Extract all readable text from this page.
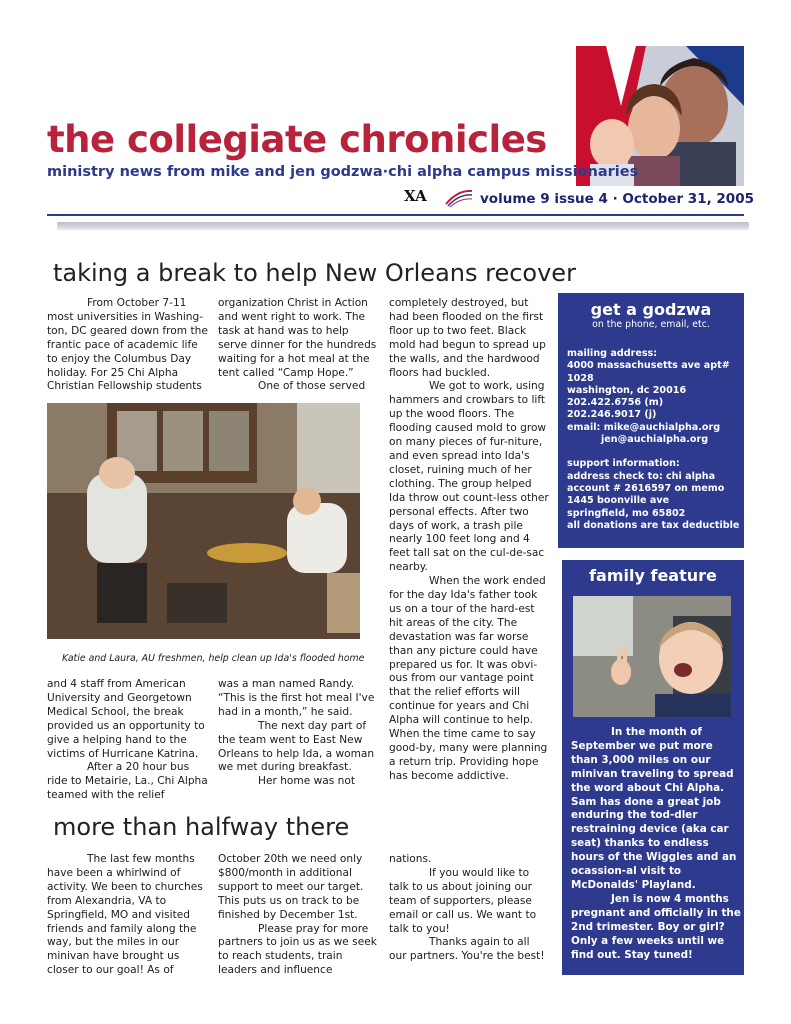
the collegiate chronicles
ministry news from mike and jen godzwa·chi alpha campus missionaries
XA	volume 9 issue 4 · October 31, 2005
taking a break to help New Orleans recover

From October 7-11 most universities in Washing-ton, DC geared down from the frantic pace of academic life to enjoy the Columbus Day holiday. For 25 Chi Alpha Christian Fellowship students

organization Christ in Action and went right to work. The task at hand was to help serve dinner for the hundreds waiting for a hot meal at the tent called “Camp Hope.”

One of those served

Katie and Laura, AU freshmen, help clean up Ida's flooded home

and 4 staff from American University and Georgetown Medical School, the break provided us an opportunity to give a helping hand to the victims of Hurricane Katrina.

After a 20 hour bus ride to Metairie, La., Chi Alpha teamed with the relief

was a man named Randy. “This is the first hot meal I've had in a month,” he said.

The next day part of the team went to East New Orleans to help Ida, a woman we met during breakfast.

Her home was not

completely destroyed, but had been flooded on the first floor up to two feet. Black mold had begun to spread up the walls, and the hardwood floors had buckled.

We got to work, using hammers and crowbars to lift up the wood floors. The flooding caused mold to grow on many pieces of fur-niture, and even spread into Ida's closet, ruining much of her clothing. The group helped Ida throw out count-less other personal effects. After two days of work, a trash pile nearly 100 feet long and 4 feet tall sat on the cul-de-sac nearby.

When the work ended for the day Ida's father took us on a tour of the hard-est hit areas of the city. The devastation was far worse than any picture could have prepared us for. It was obvi-ous from our vantage point that the relief efforts will continue for years and Chi Alpha will continue to help. When the time came to say good-by, many were planning a return trip. Providing hope has become addictive.

more than halfway there

The last few months have been a whirlwind of activity. We been to churches from Alexandria, VA to Springfield, MO and visited friends and family along the way, but the miles in our minivan have brought us closer to our goal! As of

October 20th we need only $800/month in additional support to meet our target. This puts us on track to be finished by December 1st.

Please pray for more partners to join us as we seek to reach students, train leaders and influence

nations.

If you would like to talk to us about joining our team of supporters, please email or call us. We want to talk to you!

Thanks again to all our partners. You're the best!

get a godzwa
on the phone, email, etc.

mailing address:

4000 massachusetts ave apt# 1028

washington, dc 20016

202.422.6756 (m)

202.246.9017 (j)

email: mike@auchialpha.org

jen@auchialpha.org

support information:

address check to: chi alpha

account # 2616597 on memo

1445 boonville ave

springfield, mo 65802

all donations are tax deductible

family feature

In the month of September we put more than 3,000 miles on our minivan traveling to spread the word about Chi Alpha. Sam has done a great job enduring the tod-dler restraining device (aka car seat) thanks to endless hours of the Wiggles and an ocassion-al visit to McDonalds' Playland.

Jen is now 4 months pregnant and officially in the 2nd trimester. Boy or girl? Only a few weeks until we find out. Stay tuned!
